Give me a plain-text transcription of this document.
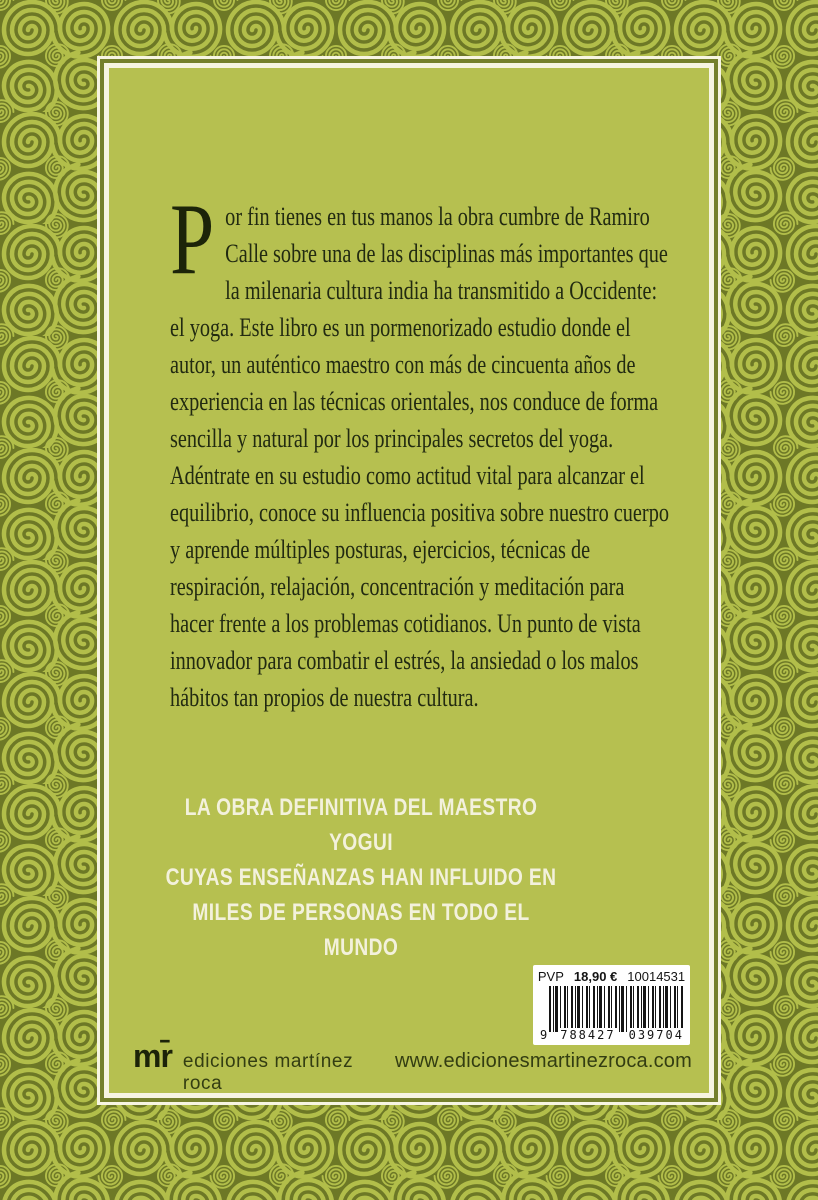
Por fin tienes en tus manos la obra cumbre de Ramiro Calle sobre una de las disciplinas más importantes que la milenaria cultura india ha transmitido a Occidente: el yoga. Este libro es un pormenorizado estudio donde el autor, un auténtico maestro con más de cincuenta años de experiencia en las técnicas orientales, nos conduce de forma sencilla y natural por los principales secretos del yoga. Adéntrate en su estudio como actitud vital para alcanzar el equilibrio, conoce su influencia positiva sobre nuestro cuerpo y aprende múltiples posturas, ejercicios, técnicas de respiración, relajación, concentración y meditación para hacer frente a los problemas cotidianos. Un punto de vista innovador para combatir el estrés, la ansiedad o los malos hábitos tan propios de nuestra cultura.

LA OBRA DEFINITIVA DEL MAESTRO YOGUI
CUYAS ENSEÑANZAS HAN INFLUIDO EN
MILES DE PERSONAS EN TODO EL MUNDO
PVP 18,90 € 10014531
9 788427 039704
mr̄ ediciones martínez roca
www.edicionesmartinezroca.com
